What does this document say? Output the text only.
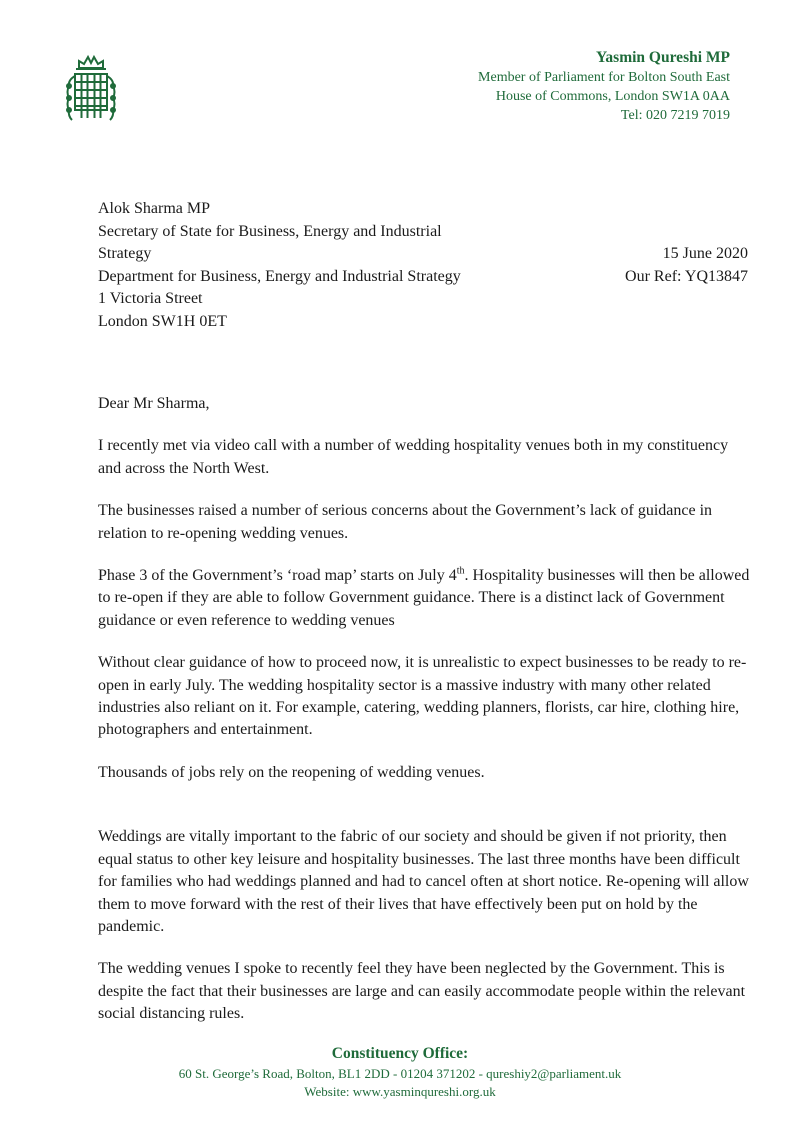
Yasmin Qureshi MP
Member of Parliament for Bolton South East
House of Commons, London SW1A 0AA
Tel: 020 7219 7019
Alok Sharma MP
Secretary of State for Business, Energy and Industrial
Strategy
Department for Business, Energy and Industrial Strategy
1 Victoria Street
London SW1H 0ET
15 June 2020
Our Ref: YQ13847

Dear Mr Sharma,

I recently met via video call with a number of wedding hospitality venues both in my constituency and across the North West.

The businesses raised a number of serious concerns about the Government’s lack of guidance in relation to re-opening wedding venues.

Phase 3 of the Government’s ‘road map’ starts on July 4th. Hospitality businesses will then be allowed to re-open if they are able to follow Government guidance. There is a distinct lack of Government guidance or even reference to wedding venues

Without clear guidance of how to proceed now, it is unrealistic to expect businesses to be ready to re-open in early July. The wedding hospitality sector is a massive industry with many other related industries also reliant on it. For example, catering, wedding planners, florists, car hire, clothing hire, photographers and entertainment.

Thousands of jobs rely on the reopening of wedding venues.

Weddings are vitally important to the fabric of our society and should be given if not priority, then equal status to other key leisure and hospitality businesses. The last three months have been difficult for families who had weddings planned and had to cancel often at short notice. Re-opening will allow them to move forward with the rest of their lives that have effectively been put on hold by the pandemic.

The wedding venues I spoke to recently feel they have been neglected by the Government. This is despite the fact that their businesses are large and can easily accommodate people within the relevant social distancing rules.

Constituency Office:
60 St. George’s Road, Bolton, BL1 2DD - 01204 371202 - qureshiy2@parliament.uk
Website: www.yasminqureshi.org.uk
